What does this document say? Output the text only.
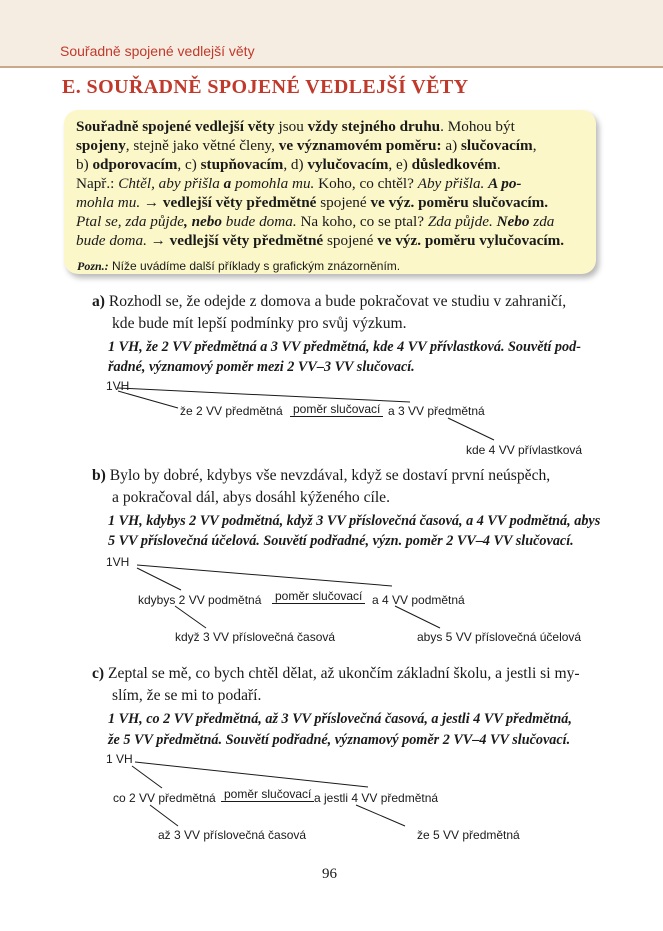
Souřadně spojené vedlejší věty
E. SOUŘADNĚ SPOJENÉ VEDLEJŠÍ VĚTY
Souřadně spojené vedlejší věty jsou vždy stejného druhu. Mohou být
spojeny, stejně jako větné členy, ve významovém poměru: a) slučovacím,
b) odporovacím, c) stupňovacím, d) vylučovacím, e) důsledkovém.
Např.: Chtěl, aby přišla a pomohla mu. Koho, co chtěl? Aby přišla. A po-
mohla mu. → vedlejší věty předmětné spojené ve výz. poměru slučovacím.
Ptal se, zda půjde, nebo bude doma. Na koho, co se ptal? Zda půjde. Nebo zda
bude doma. → vedlejší věty předmětné spojené ve výz. poměru vylučovacím.
Pozn.: Níže uvádíme další příklady s grafickým znázorněním.
a) Rozhodl se, že odejde z domova a bude pokračovat ve studiu v zahraničí,
kde bude mít lepší podmínky pro svůj výzkum.
1 VH, že 2 VV předmětná a 3 VV předmětná, kde 4 VV přívlastková. Souvětí pod-
řadné, významový poměr mezi 2 VV–3 VV slučovací.
b) Bylo by dobré, kdybys vše nevzdával, když se dostaví první neúspěch,
a pokračoval dál, abys dosáhl kýženého cíle.
1 VH, kdybys 2 VV podmětná, když 3 VV příslovečná časová, a 4 VV podmětná, abys
5 VV příslovečná účelová. Souvětí podřadné, význ. poměr 2 VV–4 VV slučovací.
c) Zeptal se mě, co bych chtěl dělat, až ukončím základní školu, a jestli si my-
slím, že se mi to podaří.
1 VH, co 2 VV předmětná, až 3 VV příslovečná časová, a jestli 4 VV předmětná,
že 5 VV předmětná. Souvětí podřadné, významový poměr 2 VV–4 VV slučovací.
1VH
že 2 VV předmětná poměr slučovací a 3 VV předmětná
kde 4 VV přívlastková
1VH
kdybys 2 VV podmětná poměr slučovací a 4 VV podmětná
když 3 VV příslovečná časová	abys 5 VV příslovečná účelová
1 VH
co 2 VV předmětná poměr slučovací a jestli 4 VV předmětná
až 3 VV příslovečná časová	že 5 VV předmětná
96
